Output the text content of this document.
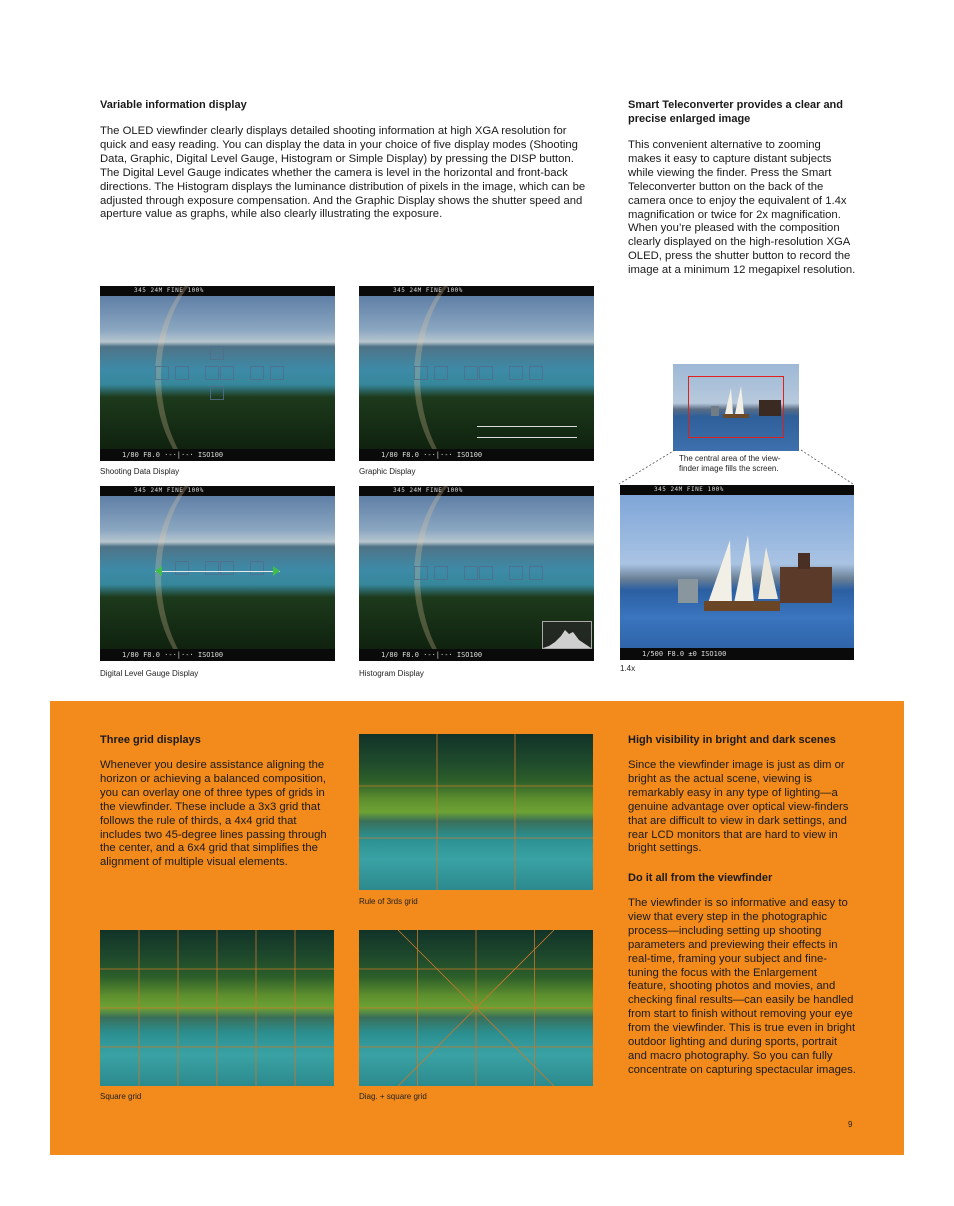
Variable information display
The OLED viewfinder clearly displays detailed shooting information at high XGA resolution for quick and easy reading. You can display the data in your choice of five display modes (Shooting Data, Graphic, Digital Level Gauge, Histogram or Simple Display) by pressing the DISP button. The Digital Level Gauge indicates whether the camera is level in the horizontal and front-back directions. The Histogram displays the luminance distribution of pixels in the image, which can be adjusted through exposure compensation. And the Graphic Display shows the shutter speed and aperture value as graphs, while also clearly illustrating the exposure.
Smart Teleconverter provides a clear and precise enlarged image
This convenient alternative to zooming makes it easy to capture distant subjects while viewing the finder. Press the Smart Teleconverter button on the back of the camera once to enjoy the equivalent of 1.4x magnification or twice for 2x magnification. When you’re pleased with the composition clearly displayed on the high-resolution XGA OLED, press the shutter button to record the image at a minimum 12 megapixel resolution.
345 24M FINE 100%
1/80 F8.0 ·-·|·-· ISO100
Shooting Data Display
345 24M FINE 100%
1/80 F8.0 ·-·|·-· ISO100
Graphic Display
345 24M FINE 100%
1/80 F8.0 ·-·|·-· ISO100
Digital Level Gauge Display
345 24M FINE 100%
1/80 F8.0 ·-·|·-· ISO100
Histogram Display
The central area of the view-finder image fills the screen.
345 24M FINE 100%
1/500 F8.0 ±0 ISO100
1.4x
Three grid displays
Whenever you desire assistance aligning the horizon or achieving a balanced composition, you can overlay one of three types of grids in the viewfinder. These include a 3x3 grid that follows the rule of thirds, a 4x4 grid that includes two 45-degree lines passing through the center, and a 6x4 grid that simplifies the alignment of multiple visual elements.
Rule of 3rds grid
Square grid	Diag. + square grid
High visibility in bright and dark scenes
Since the viewfinder image is just as dim or bright as the actual scene, viewing is remarkably easy in any type of lighting—a genuine advantage over optical view-finders that are difficult to view in dark settings, and rear LCD monitors that are hard to view in bright settings.
Do it all from the viewfinder
The viewfinder is so informative and easy to view that every step in the photographic process—including setting up shooting parameters and previewing their effects in real-time, framing your subject and fine-tuning the focus with the Enlargement feature, shooting photos and movies, and checking final results—can easily be handled from start to finish without removing your eye from the viewfinder. This is true even in bright outdoor lighting and during sports, portrait and macro photography. So you can fully concentrate on capturing spectacular images.
9
